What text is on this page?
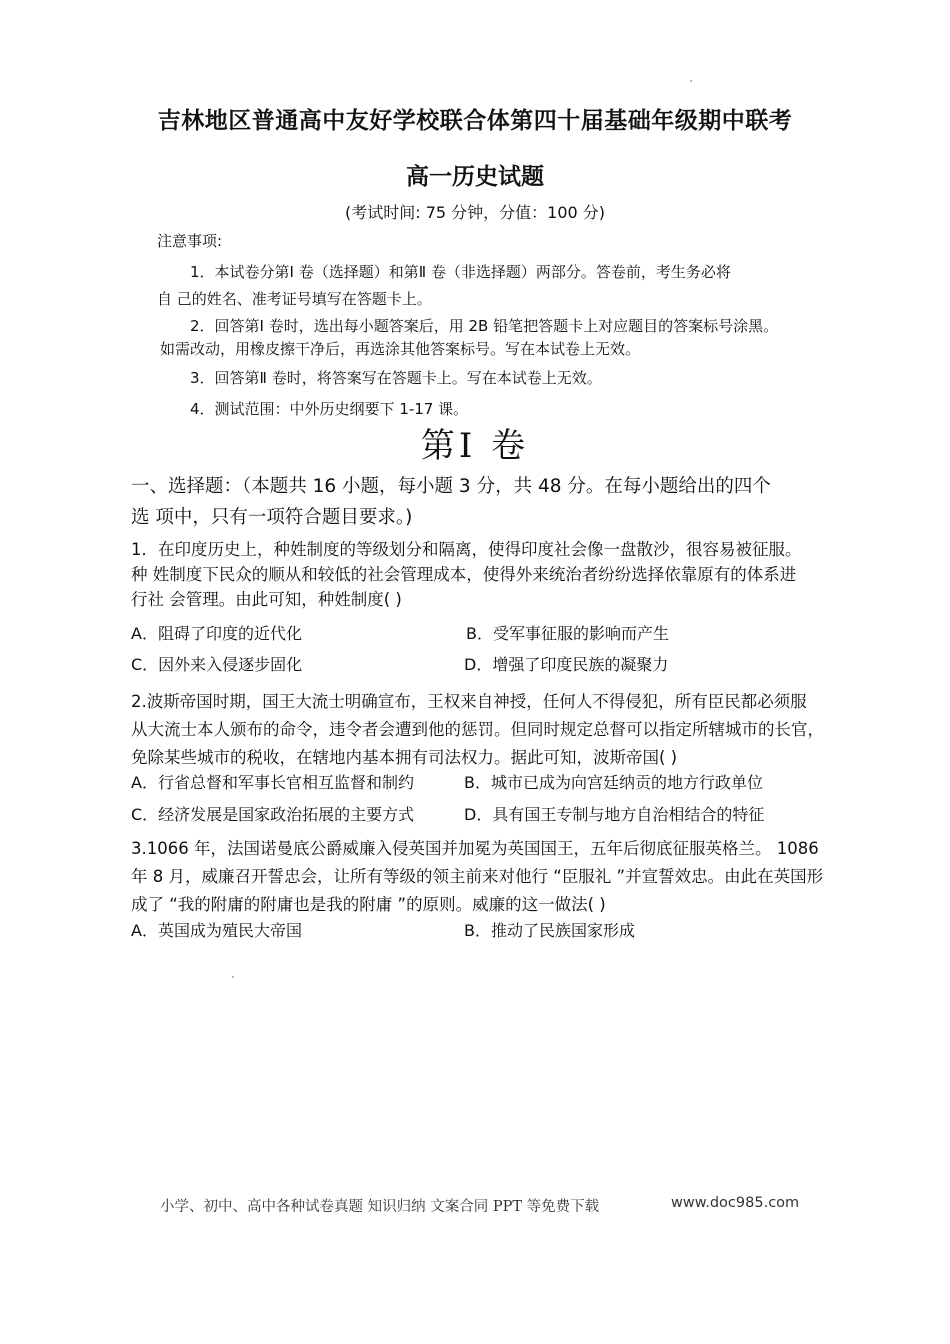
吉林地区普通高中友好学校联合体第四十届基础年级期中联考
高一历史试题
(考试时间: 75 分钟，分值：100 分)
注意事项:
1．本试卷分第Ⅰ 卷（选择题）和第Ⅱ 卷（非选择题）两部分。答卷前，考生务必将
自 己的姓名、准考证号填写在答题卡上。
2．回答第Ⅰ 卷时，选出每小题答案后，用 2B 铅笔把答题卡上对应题目的答案标号涂黑。
如需改动，用橡皮擦干净后，再选涂其他答案标号。写在本试卷上无效。
3．回答第Ⅱ 卷时，将答案写在答题卡上。写在本试卷上无效。
4．测试范围：中外历史纲要下 1-17 课。
第Ⅰ 卷
一、选择题：（本题共 16 小题，每小题 3 分，共 48 分。在每小题给出的四个
选 项中，只有一项符合题目要求。)
1．在印度历史上，种姓制度的等级划分和隔离，使得印度社会像一盘散沙，很容易被征服。
种 姓制度下民众的顺从和较低的社会管理成本，使得外来统治者纷纷选择依靠原有的体系进
行社 会管理。由此可知，种姓制度( )
A．阻碍了印度的近代化	B．受军事征服的影响而产生
C．因外来入侵逐步固化	D．增强了印度民族的凝聚力
2.波斯帝国时期，国王大流士明确宣布，王权来自神授，任何人不得侵犯，所有臣民都必须服
从大流士本人颁布的命令，违令者会遭到他的惩罚。但同时规定总督可以指定所辖城市的长官，
免除某些城市的税收，在辖地内基本拥有司法权力。据此可知，波斯帝国( )
A．行省总督和军事长官相互监督和制约	B．城市已成为向宫廷纳贡的地方行政单位
C．经济发展是国家政治拓展的主要方式	D．具有国王专制与地方自治相结合的特征
3.1066 年，法国诺曼底公爵威廉入侵英国并加冕为英国国王，五年后彻底征服英格兰。 1086
年 8 月，威廉召开誓忠会，让所有等级的领主前来对他行 “臣服礼 ”并宣誓效忠。由此在英国形
成了 “我的附庸的附庸也是我的附庸 ”的原则。威廉的这一做法( )
A．英国成为殖民大帝国	B．推动了民族国家形成
小学、初中、高中各种试卷真题 知识归纳 文案合同 PPT 等免费下载	www.doc985.com
